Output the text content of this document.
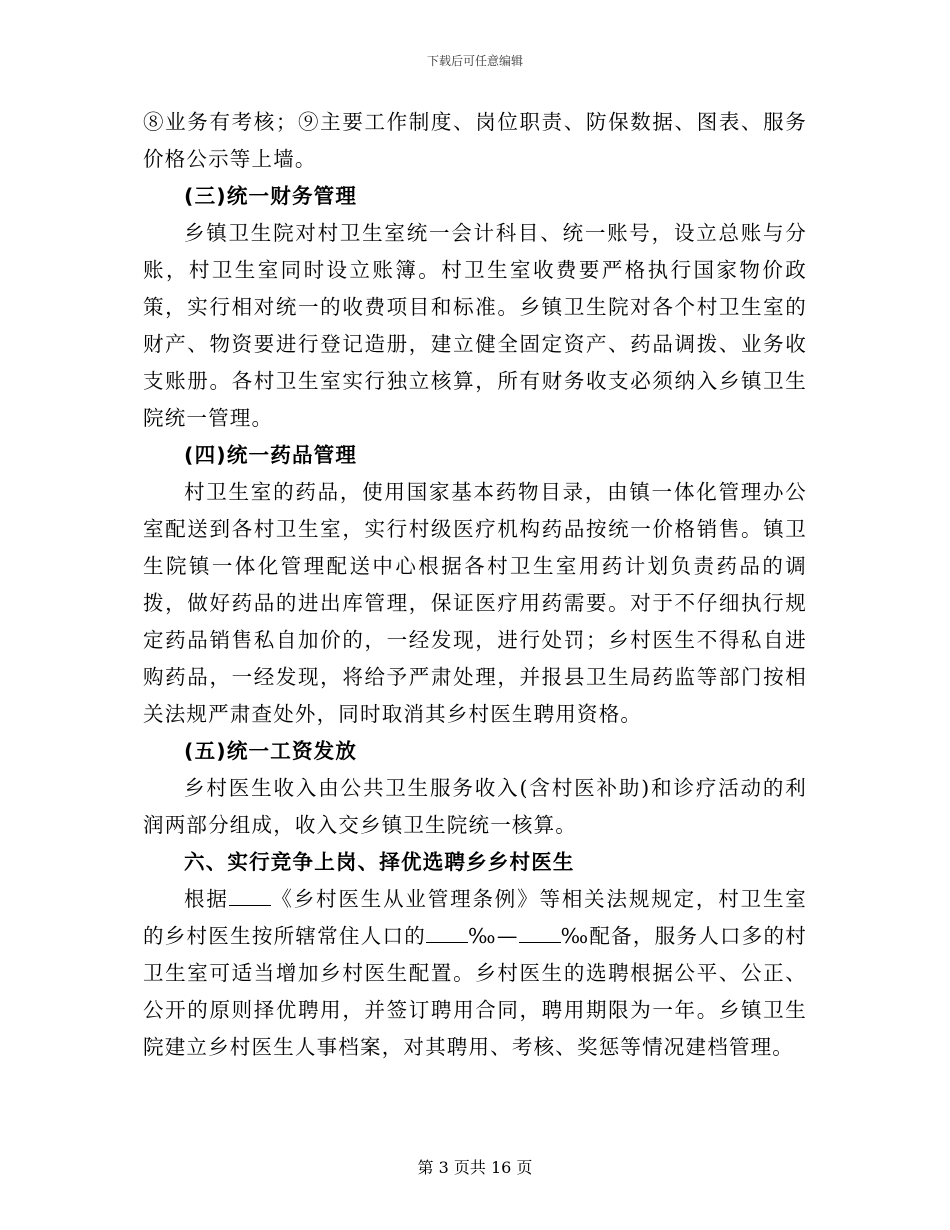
下载后可任意编辑

⑧业务有考核；⑨主要工作制度、岗位职责、防保数据、图表、服务价格公示等上墙。

(三)统一财务管理

乡镇卫生院对村卫生室统一会计科目、统一账号，设立总账与分账，村卫生室同时设立账簿。村卫生室收费要严格执行国家物价政策，实行相对统一的收费项目和标准。乡镇卫生院对各个村卫生室的财产、物资要进行登记造册，建立健全固定资产、药品调拨、业务收支账册。各村卫生室实行独立核算，所有财务收支必须纳入乡镇卫生院统一管理。

(四)统一药品管理

村卫生室的药品，使用国家基本药物目录，由镇一体化管理办公室配送到各村卫生室，实行村级医疗机构药品按统一价格销售。镇卫生院镇一体化管理配送中心根据各村卫生室用药计划负责药品的调拨，做好药品的进出库管理，保证医疗用药需要。对于不仔细执行规定药品销售私自加价的，一经发现，进行处罚；乡村医生不得私自进购药品，一经发现，将给予严肃处理，并报县卫生局药监等部门按相关法规严肃查处外，同时取消其乡村医生聘用资格。

(五)统一工资发放

乡村医生收入由公共卫生服务收入(含村医补助)和诊疗活动的利润两部分组成，收入交乡镇卫生院统一核算。

六、实行竞争上岗、择优选聘乡乡村医生

根据 《乡村医生从业管理条例》等相关法规规定，村卫生室的乡村医生按所辖常住人口的 ‰— ‰配备，服务人口多的村卫生室可适当增加乡村医生配置。乡村医生的选聘根据公平、公正、公开的原则择优聘用，并签订聘用合同，聘用期限为一年。乡镇卫生院建立乡村医生人事档案，对其聘用、考核、奖惩等情况建档管理。

第 3 页共 16 页
